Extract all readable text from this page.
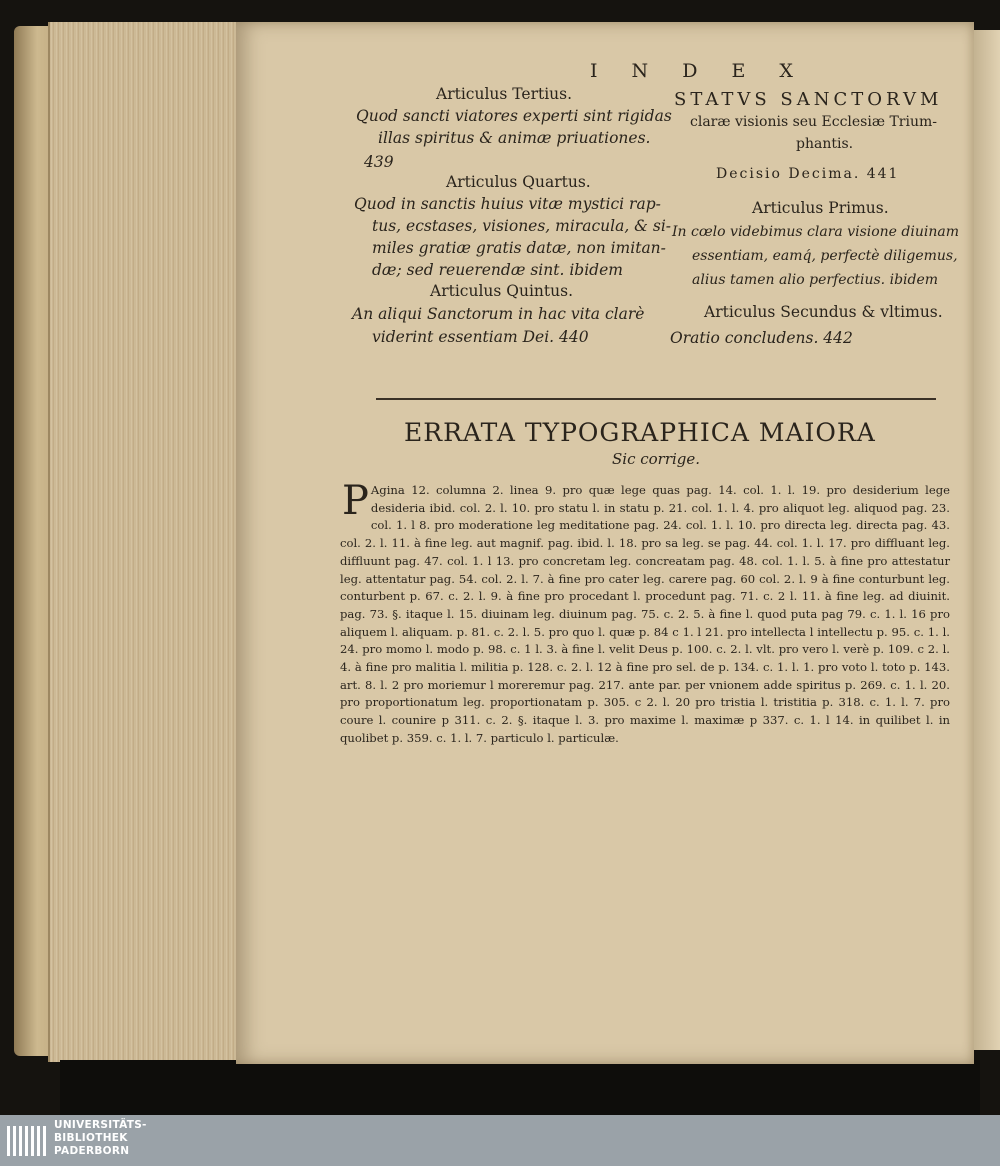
I N D E X
Articulus Tertius.
Quod sancti viatores experti sint rigidas
illas spiritus & animæ priuationes.
439
Articulus Quartus.
Quod in sanctis huius vitæ mystici rap-
tus, ecstases, visiones, miracula, & si-
miles gratiæ gratis datæ, non imitan-
dæ; sed reuerendæ sint. ibidem
Articulus Quintus.
An aliqui Sanctorum in hac vita clarè
viderint essentiam Dei. 440
STATVS SANCTORVM
claræ visionis seu Ecclesiæ Trium-
phantis.
Decisio Decima. 441
Articulus Primus.
In cœlo videbimus clara visione diuinam
essentiam, eamq́, perfectè diligemus,
alius tamen alio perfectius. ibidem
Articulus Secundus & vltimus.
Oratio concludens. 442
ERRATA TYPOGRAPHICA MAIORA
Sic corrige.
P Agina 12. columna 2. linea 9. pro quæ lege quas pag. 14. col. 1. l. 19. pro desiderium lege desideria ibid. col. 2. l. 10. pro statu l. in statu p. 21. col. 1. l. 4. pro aliquot leg. aliquod pag. 23. col. 1. l 8. pro moderatione leg meditatione pag. 24. col. 1. l. 10. pro directa leg. directa pag. 43. col. 2. l. 11. à fine leg. aut magnif. pag. ibid. l. 18. pro sa leg. se pag. 44. col. 1. l. 17. pro diffluant leg. diffluunt pag. 47. col. 1. l 13. pro concretam leg. concreatam pag. 48. col. 1. l. 5. à fine pro attestatur leg. attentatur pag. 54. col. 2. l. 7. à fine pro cater leg. carere pag. 60 col. 2. l. 9 à fine conturbunt leg. conturbent p. 67. c. 2. l. 9. à fine pro procedant l. procedunt pag. 71. c. 2 l. 11. à fine leg. ad diuinit. pag. 73. §. itaque l. 15. diuinam leg. diuinum pag. 75. c. 2. 5. à fine l. quod puta pag 79. c. 1. l. 16 pro aliquem l. aliquam. p. 81. c. 2. l. 5. pro quo l. quæ p. 84 c 1. l 21. pro intellecta l intellectu p. 95. c. 1. l. 24. pro momo l. modo p. 98. c. 1 l. 3. à fine l. velit Deus p. 100. c. 2. l. vlt. pro vero l. verè p. 109. c 2. l. 4. à fine pro malitia l. militia p. 128. c. 2. l. 12 à fine pro sel. de p. 134. c. 1. l. 1. pro voto l. toto p. 143. art. 8. l. 2 pro moriemur l moreremur pag. 217. ante par. per vnionem adde spiritus p. 269. c. 1. l. 20. pro proportionatum leg. proportionatam p. 305. c 2. l. 20 pro tristia l. tristitia p. 318. c. 1. l. 7. pro coure l. counire p 311. c. 2. §. itaque l. 3. pro maxime l. maximæ p 337. c. 1. l 14. in quilibet l. in quolibet p. 359. c. 1. l. 7. particulo l. particulæ.
UNIVERSITÄTS-
BIBLIOTHEK
PADERBORN
